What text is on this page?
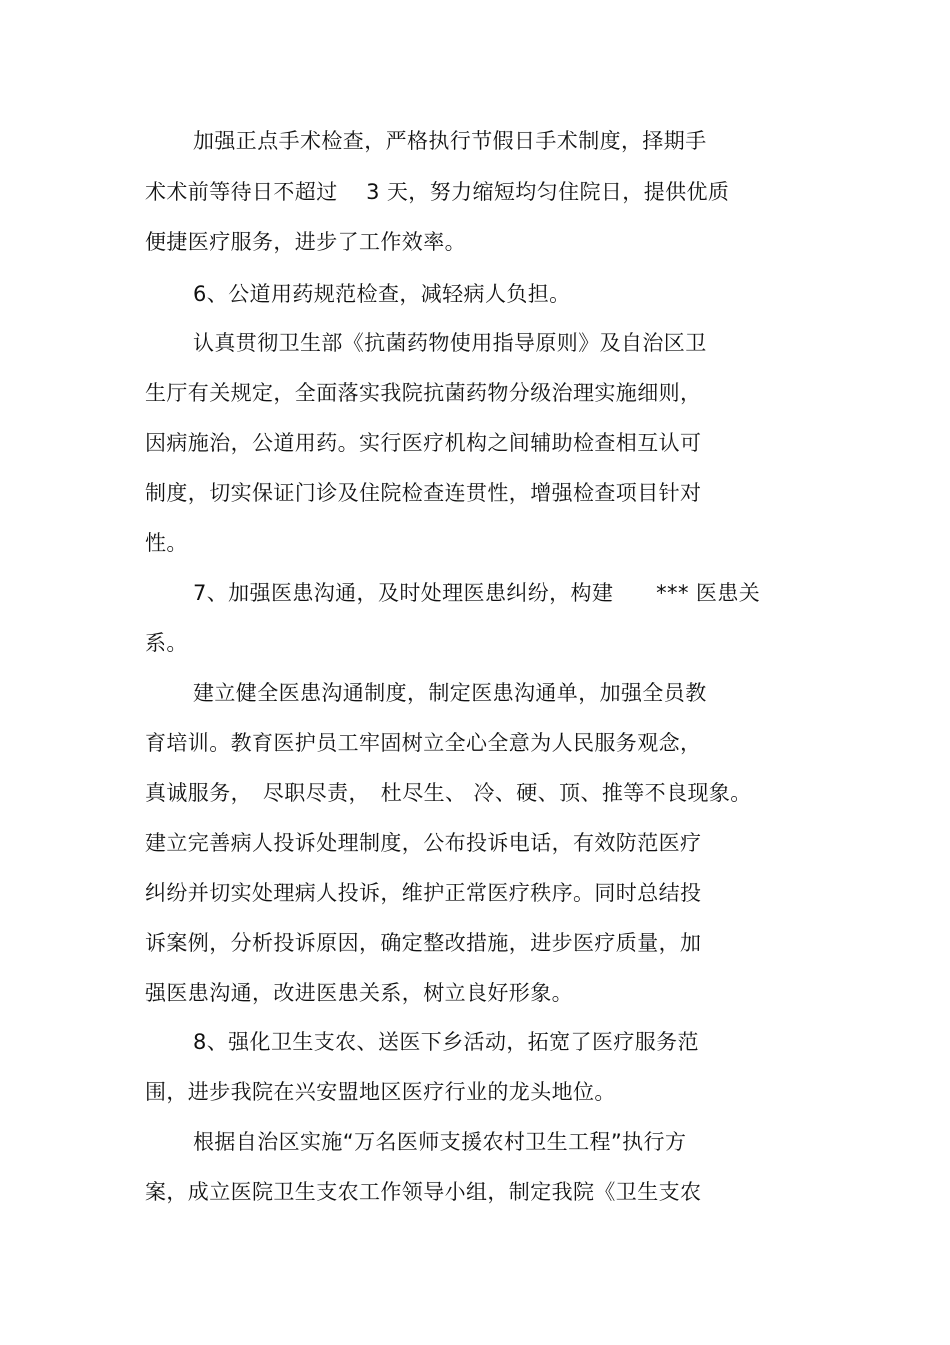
加强正点手术检查，严格执行节假日手术制度，择期手
术术前等待日不超过　 3 天，努力缩短均匀住院日，提供优质
便捷医疗服务，进步了工作效率。
6、公道用药规范检查，减轻病人负担。
认真贯彻卫生部《抗菌药物使用指导原则》及自治区卫
生厅有关规定，全面落实我院抗菌药物分级治理实施细则，
因病施治，公道用药。实行医疗机构之间辅助检查相互认可
制度，切实保证门诊及住院检查连贯性，增强检查项目针对
性。
7、加强医患沟通，及时处理医患纠纷，构建　　*** 医患关
系。
建立健全医患沟通制度，制定医患沟通单，加强全员教
育培训。教育医护员工牢固树立全心全意为人民服务观念，
真诚服务，　尽职尽责，　杜尽生、 冷、硬、顶、推等不良现象。
建立完善病人投诉处理制度，公布投诉电话，有效防范医疗
纠纷并切实处理病人投诉，维护正常医疗秩序。同时总结投
诉案例，分析投诉原因，确定整改措施，进步医疗质量，加
强医患沟通，改进医患关系，树立良好形象。
8、强化卫生支农、送医下乡活动，拓宽了医疗服务范
围，进步我院在兴安盟地区医疗行业的龙头地位。
根据自治区实施“万名医师支援农村卫生工程”执行方
案，成立医院卫生支农工作领导小组，制定我院《卫生支农
